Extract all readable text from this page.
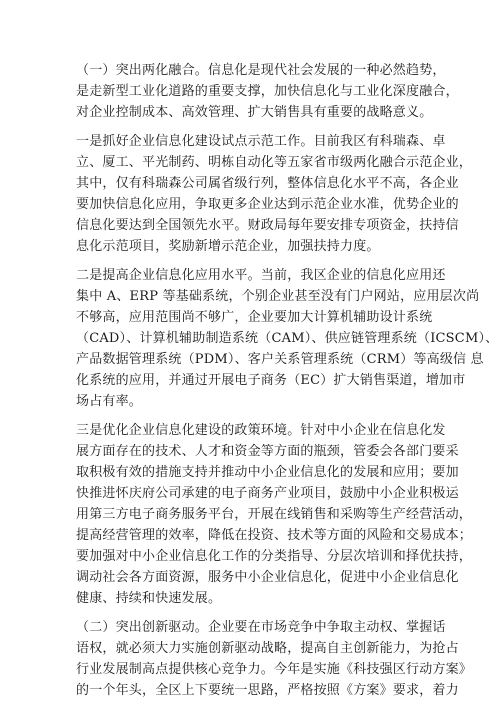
（一）突出两化融合。信息化是现代社会发展的一种必然趋势，
是走新型工业化道路的重要支撑，加快信息化与工业化深度融合，
对企业控制成本、高效管理、扩大销售具有重要的战略意义。
一是抓好企业信息化建设试点示范工作。目前我区有科瑞森、卓
立、厦工、平光制药、明栋自动化等五家省市级两化融合示范企业，
其中，仅有科瑞森公司属省级行列，整体信息化水平不高，各企业
要加快信息化应用，争取更多企业达到示范企业水准，优势企业的
信息化要达到全国领先水平。财政局每年要安排专项资金，扶持信
息化示范项目，奖励新增示范企业，加强扶持力度。
二是提高企业信息化应用水平。当前，我区企业的信息化应用还
集中 A、ERP 等基础系统，个别企业甚至没有门户网站，应用层次尚
不够高，应用范围尚不够广，企业要加大计算机辅助设计系统
（CAD）、计算机辅助制造系统（CAM）、供应链管理系统（ICSCM）、
产品数据管理系统（PDM）、客户关系管理系统（CRM）等高级信 息
化系统的应用，并通过开展电子商务（EC）扩大销售渠道，增加市
场占有率。
三是优化企业信息化建设的政策环境。针对中小企业在信息化发
展方面存在的技术、人才和资金等方面的瓶颈，管委会各部门要采
取积极有效的措施支持并推动中小企业信息化的发展和应用；要加
快推进怀庆府公司承建的电子商务产业项目，鼓励中小企业积极运
用第三方电子商务服务平台，开展在线销售和采购等生产经营活动，
提高经营管理的效率，降低在投资、技术等方面的风险和交易成本；
要加强对中小企业信息化工作的分类指导、分层次培训和择优扶持，
调动社会各方面资源，服务中小企业信息化，促进中小企业信息化
健康、持续和快速发展。
（二）突出创新驱动。企业要在市场竞争中争取主动权、掌握话
语权，就必须大力实施创新驱动战略，提高自主创新能力，为抢占
行业发展制高点提供核心竞争力。今年是实施《科技强区行动方案》
的一个年头，全区上下要统一思路，严格按照《方案》要求，着力
